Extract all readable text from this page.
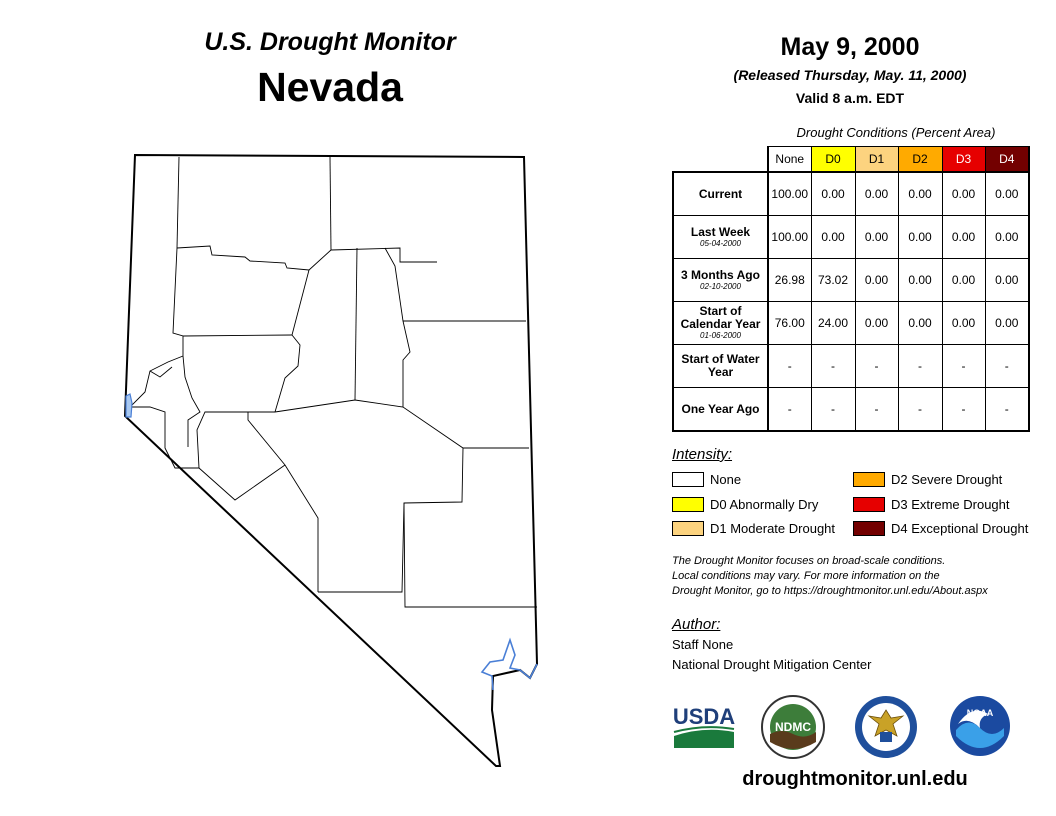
U.S. Drought Monitor
Nevada
May 9, 2000
(Released Thursday, May. 11, 2000)
Valid 8 a.m. EDT
Drought Conditions (Percent Area)
	None	D0	D1	D2	D3	D4
Current	100.00	0.00	0.00	0.00	0.00	0.00
Last Week
05-04-2000	100.00	0.00	0.00	0.00	0.00	0.00
3 Months Ago
02-10-2000	26.98	73.02	0.00	0.00	0.00	0.00
Start of Calendar Year
01-06-2000	76.00	24.00	0.00	0.00	0.00	0.00
Start of Water Year	-	-	-	-	-	-
One Year Ago	-	-	-	-	-	-
Intensity:
None
D0 Abnormally Dry
D1 Moderate Drought
D2 Severe Drought
D3 Extreme Drought
D4 Exceptional Drought
The Drought Monitor focuses on broad-scale conditions.
Local conditions may vary. For more information on the
Drought Monitor, go to https://droughtmonitor.unl.edu/About.aspx
Author:
Staff None
National Drought Mitigation Center
USDA	NDMC
NOAA
droughtmonitor.unl.edu
